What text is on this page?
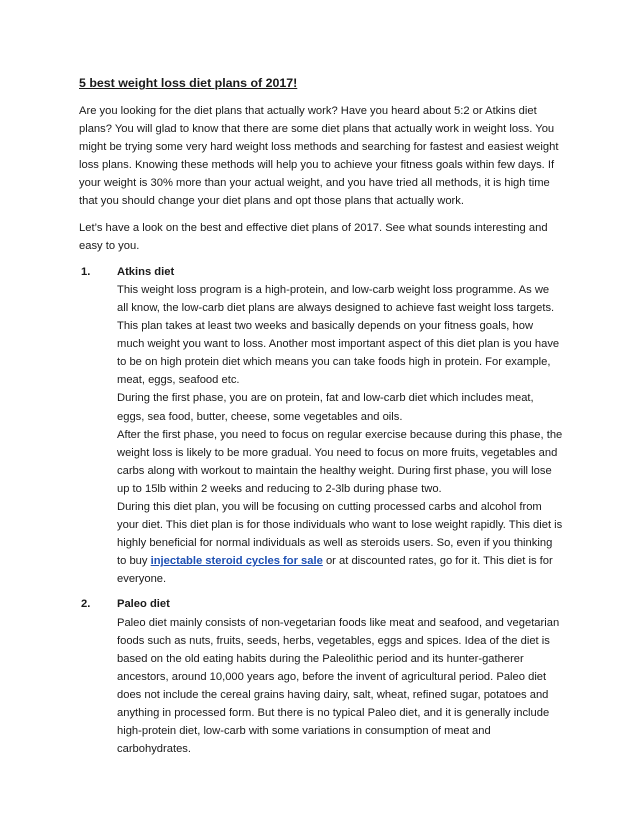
5 best weight loss diet plans of 2017!

Are you looking for the diet plans that actually work? Have you heard about 5:2 or Atkins diet plans? You will glad to know that there are some diet plans that actually work in weight loss. You might be trying some very hard weight loss methods and searching for fastest and easiest weight loss plans. Knowing these methods will help you to achieve your fitness goals within few days. If your weight is 30% more than your actual weight, and you have tried all methods, it is high time that you should change your diet plans and opt those plans that actually work.

Let’s have a look on the best and effective diet plans of 2017. See what sounds interesting and easy to you.

1. Atkins diet

This weight loss program is a high-protein, and low-carb weight loss programme. As we all know, the low-carb diet plans are always designed to achieve fast weight loss targets. This plan takes at least two weeks and basically depends on your fitness goals, how much weight you want to loss. Another most important aspect of this diet plan is you have to be on high protein diet which means you can take foods high in protein. For example, meat, eggs, seafood etc.

During the first phase, you are on protein, fat and low-carb diet which includes meat, eggs, sea food, butter, cheese, some vegetables and oils.

After the first phase, you need to focus on regular exercise because during this phase, the weight loss is likely to be more gradual. You need to focus on more fruits, vegetables and carbs along with workout to maintain the healthy weight. During first phase, you will lose up to 15lb within 2 weeks and reducing to 2-3lb during phase two.

During this diet plan, you will be focusing on cutting processed carbs and alcohol from your diet. This diet plan is for those individuals who want to lose weight rapidly. This diet is highly beneficial for normal individuals as well as steroids users. So, even if you thinking to buy injectable steroid cycles for sale or at discounted rates, go for it. This diet is for everyone.

2. Paleo diet

Paleo diet mainly consists of non-vegetarian foods like meat and seafood, and vegetarian foods such as nuts, fruits, seeds, herbs, vegetables, eggs and spices. Idea of the diet is based on the old eating habits during the Paleolithic period and its hunter-gatherer ancestors, around 10,000 years ago, before the invent of agricultural period. Paleo diet does not include the cereal grains having dairy, salt, wheat, refined sugar, potatoes and anything in processed form. But there is no typical Paleo diet, and it is generally include high-protein diet, low-carb with some variations in consumption of meat and carbohydrates.
